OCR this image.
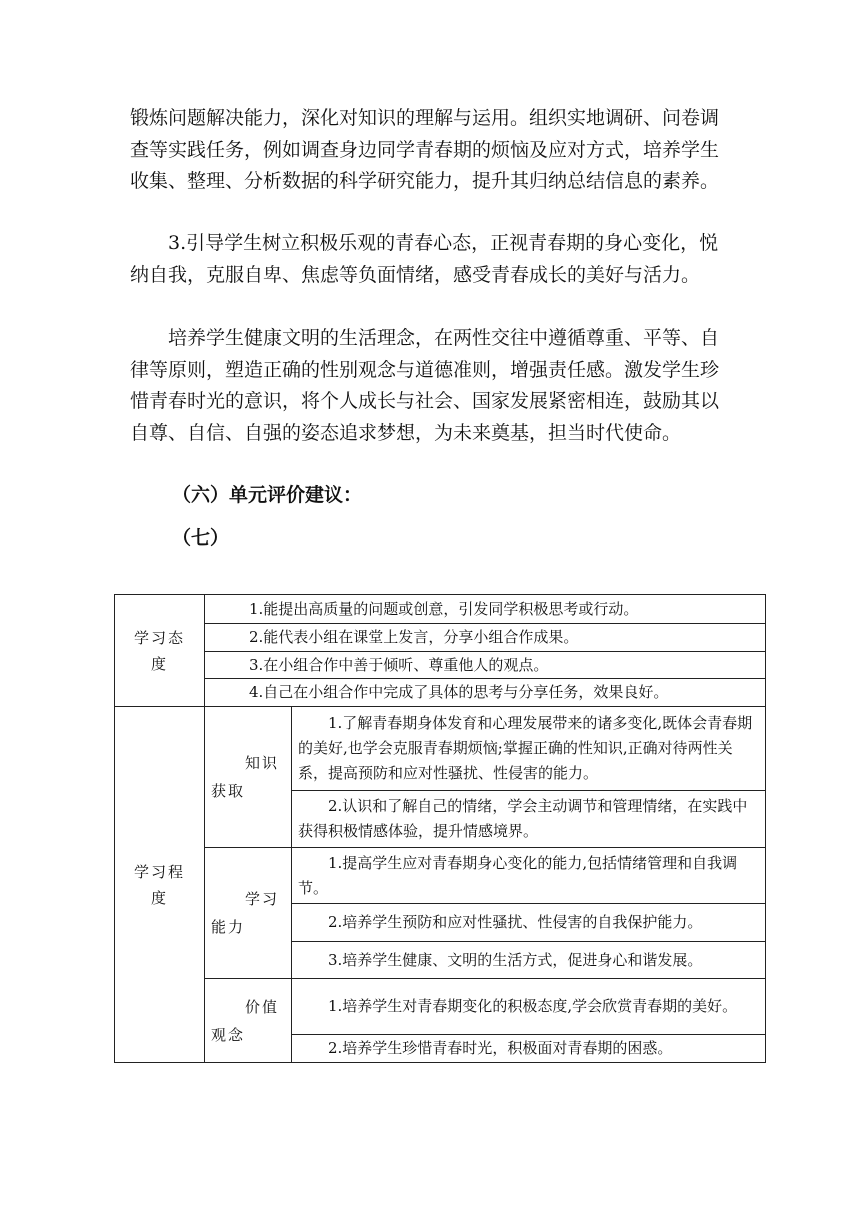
锻炼问题解决能力，深化对知识的理解与运用。组织实地调研、问卷调查等实践任务，例如调查身边同学青春期的烦恼及应对方式，培养学生收集、整理、分析数据的科学研究能力，提升其归纳总结信息的素养。

3.引导学生树立积极乐观的青春心态，正视青春期的身心变化，悦纳自我，克服自卑、焦虑等负面情绪，感受青春成长的美好与活力。

培养学生健康文明的生活理念，在两性交往中遵循尊重、平等、自律等原则，塑造正确的性别观念与道德准则，增强责任感。激发学生珍惜青春时光的意识，将个人成长与社会、国家发展紧密相连，鼓励其以自尊、自信、自强的姿态追求梦想，为未来奠基，担当时代使命。

（六）单元评价建议：

（七）

学习态度	1.能提出高质量的问题或创意，引发同学积极思考或行动。	
	2.能代表小组在课堂上发言，分享小组合作成果。	
	3.在小组合作中善于倾听、尊重他人的观点。	
	4.自己在小组合作中完成了具体的思考与分享任务，效果良好。	
学习程度	知识获取	1.了解青春期身体发育和心理发展带来的诸多变化,既体会青春期的美好,也学会克服青春期烦恼;掌握正确的性知识,正确对待两性关系，提高预防和应对性骚扰、性侵害的能力。
		2.认识和了解自己的情绪，学会主动调节和管理情绪，在实践中获得积极情感体验，提升情感境界。

	学习能力	1.提高学生应对青春期身心变化的能力,包括情绪管理和自我调节。
		2.培养学生预防和应对性骚扰、性侵害的自我保护能力。
		3.培养学生健康、文明的生活方式，促进身心和谐发展。

	价值观念	1.培养学生对青春期变化的积极态度,学会欣赏青春期的美好。
		2.培养学生珍惜青春时光，积极面对青春期的困惑。
